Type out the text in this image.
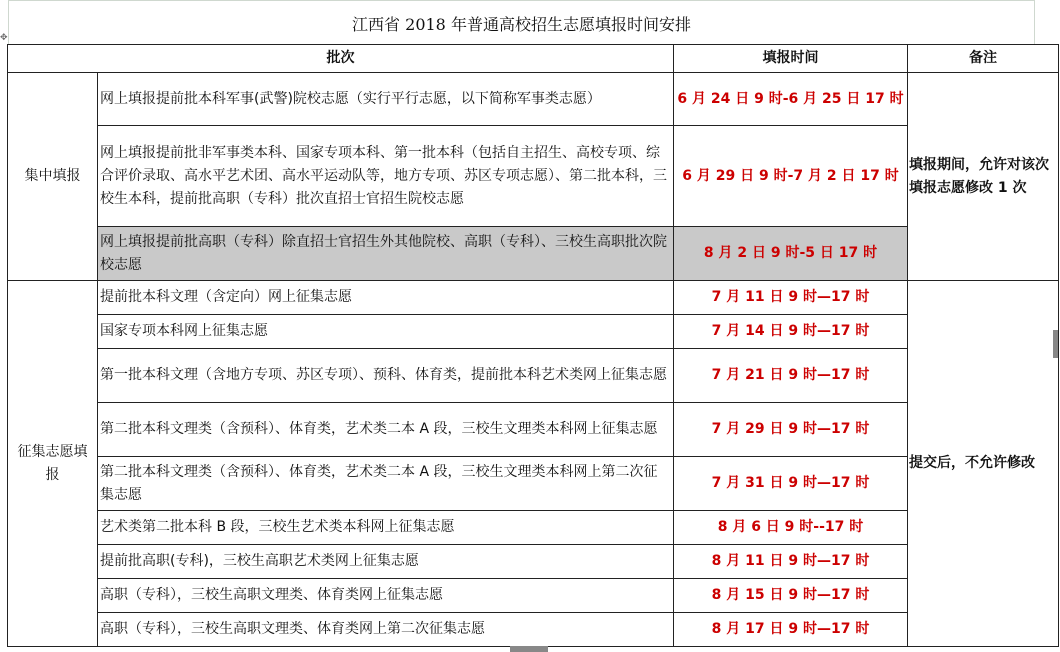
✥
江西省 2018 年普通高校招生志愿填报时间安排
批次		填报时间	备注
集中填报	网上填报提前批本科军事(武警)院校志愿（实行平行志愿，以下简称军事类志愿）	6 月 24 日 9 时-6 月 25 日 17 时	填报期间，允许对该次填报志愿修改 1 次
	网上填报提前批非军事类本科、国家专项本科、第一批本科（包括自主招生、高校专项、综合评价录取、高水平艺术团、高水平运动队等，地方专项、苏区专项志愿）、第二批本科，三校生本科，提前批高职（专科）批次直招士官招生院校志愿	6 月 29 日 9 时-7 月 2 日 17 时	
	网上填报提前批高职（专科）除直招士官招生外其他院校、高职（专科）、三校生高职批次院校志愿	8 月 2 日 9 时-5 日 17 时	
征集志愿填报	提前批本科文理（含定向）网上征集志愿	7 月 11 日 9 时—17 时	提交后，不允许修改
	国家专项本科网上征集志愿	7 月 14 日 9 时—17 时	
	第一批本科文理（含地方专项、苏区专项）、预科、体育类，提前批本科艺术类网上征集志愿	7 月 21 日 9 时—17 时	
	第二批本科文理类（含预科）、体育类，艺术类二本 A 段，三校生文理类本科网上征集志愿	7 月 29 日 9 时—17 时	
	第二批本科文理类（含预科）、体育类，艺术类二本 A 段，三校生文理类本科网上第二次征集志愿	7 月 31 日 9 时—17 时	
	艺术类第二批本科 B 段，三校生艺术类本科网上征集志愿	8 月 6 日 9 时--17 时	
	提前批高职(专科)，三校生高职艺术类网上征集志愿	8 月 11 日 9 时—17 时	
	高职（专科），三校生高职文理类、体育类网上征集志愿	8 月 15 日 9 时—17 时	
	高职（专科），三校生高职文理类、体育类网上第二次征集志愿	8 月 17 日 9 时—17 时	
